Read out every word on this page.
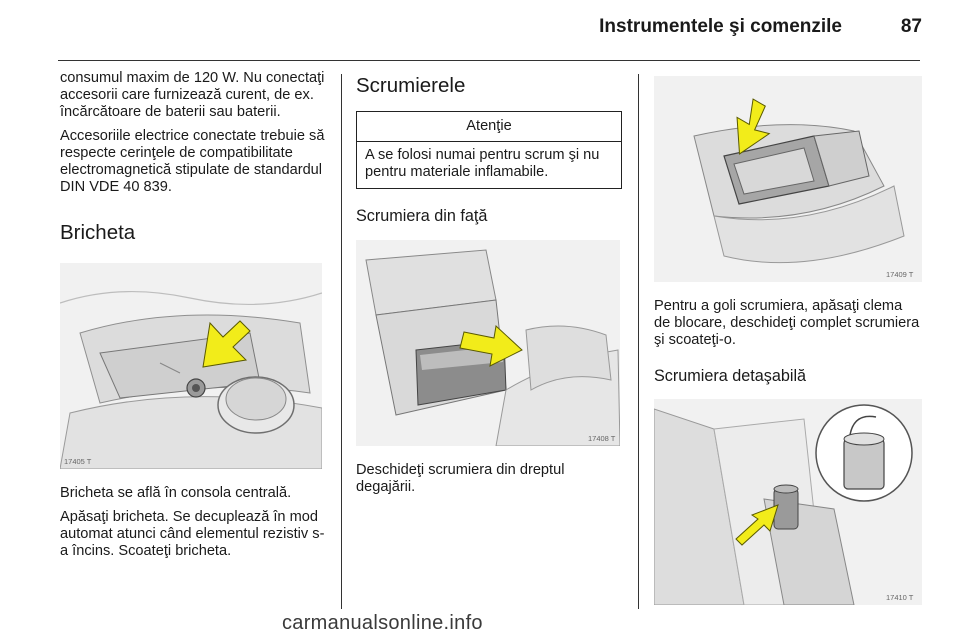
Instrumentele şi comenzile	87

consumul maxim de 120 W. Nu conectaţi accesorii care furnizează curent, de ex. încărcătoare de baterii sau baterii.

Accesoriile electrice conectate trebuie să respecte cerinţele de compatibilitate electromagnetică stipulate de standardul DIN VDE 40 839.

Bricheta
17405 T

Bricheta se află în consola centrală.

Apăsaţi bricheta. Se decuplează în mod automat atunci când elementul rezistiv s-a încins. Scoateţi bricheta.

Scrumierele
Atenţie
A se folosi numai pentru scrum şi nu pentru materiale inflamabile.
Scrumiera din faţă
17408 T

Deschideţi scrumiera din dreptul degajării.

17409 T

Pentru a goli scrumiera, apăsaţi clema de blocare, deschideţi complet scrumiera şi scoateţi-o.

Scrumiera detaşabilă
17410 T
carmanualsonline.info
